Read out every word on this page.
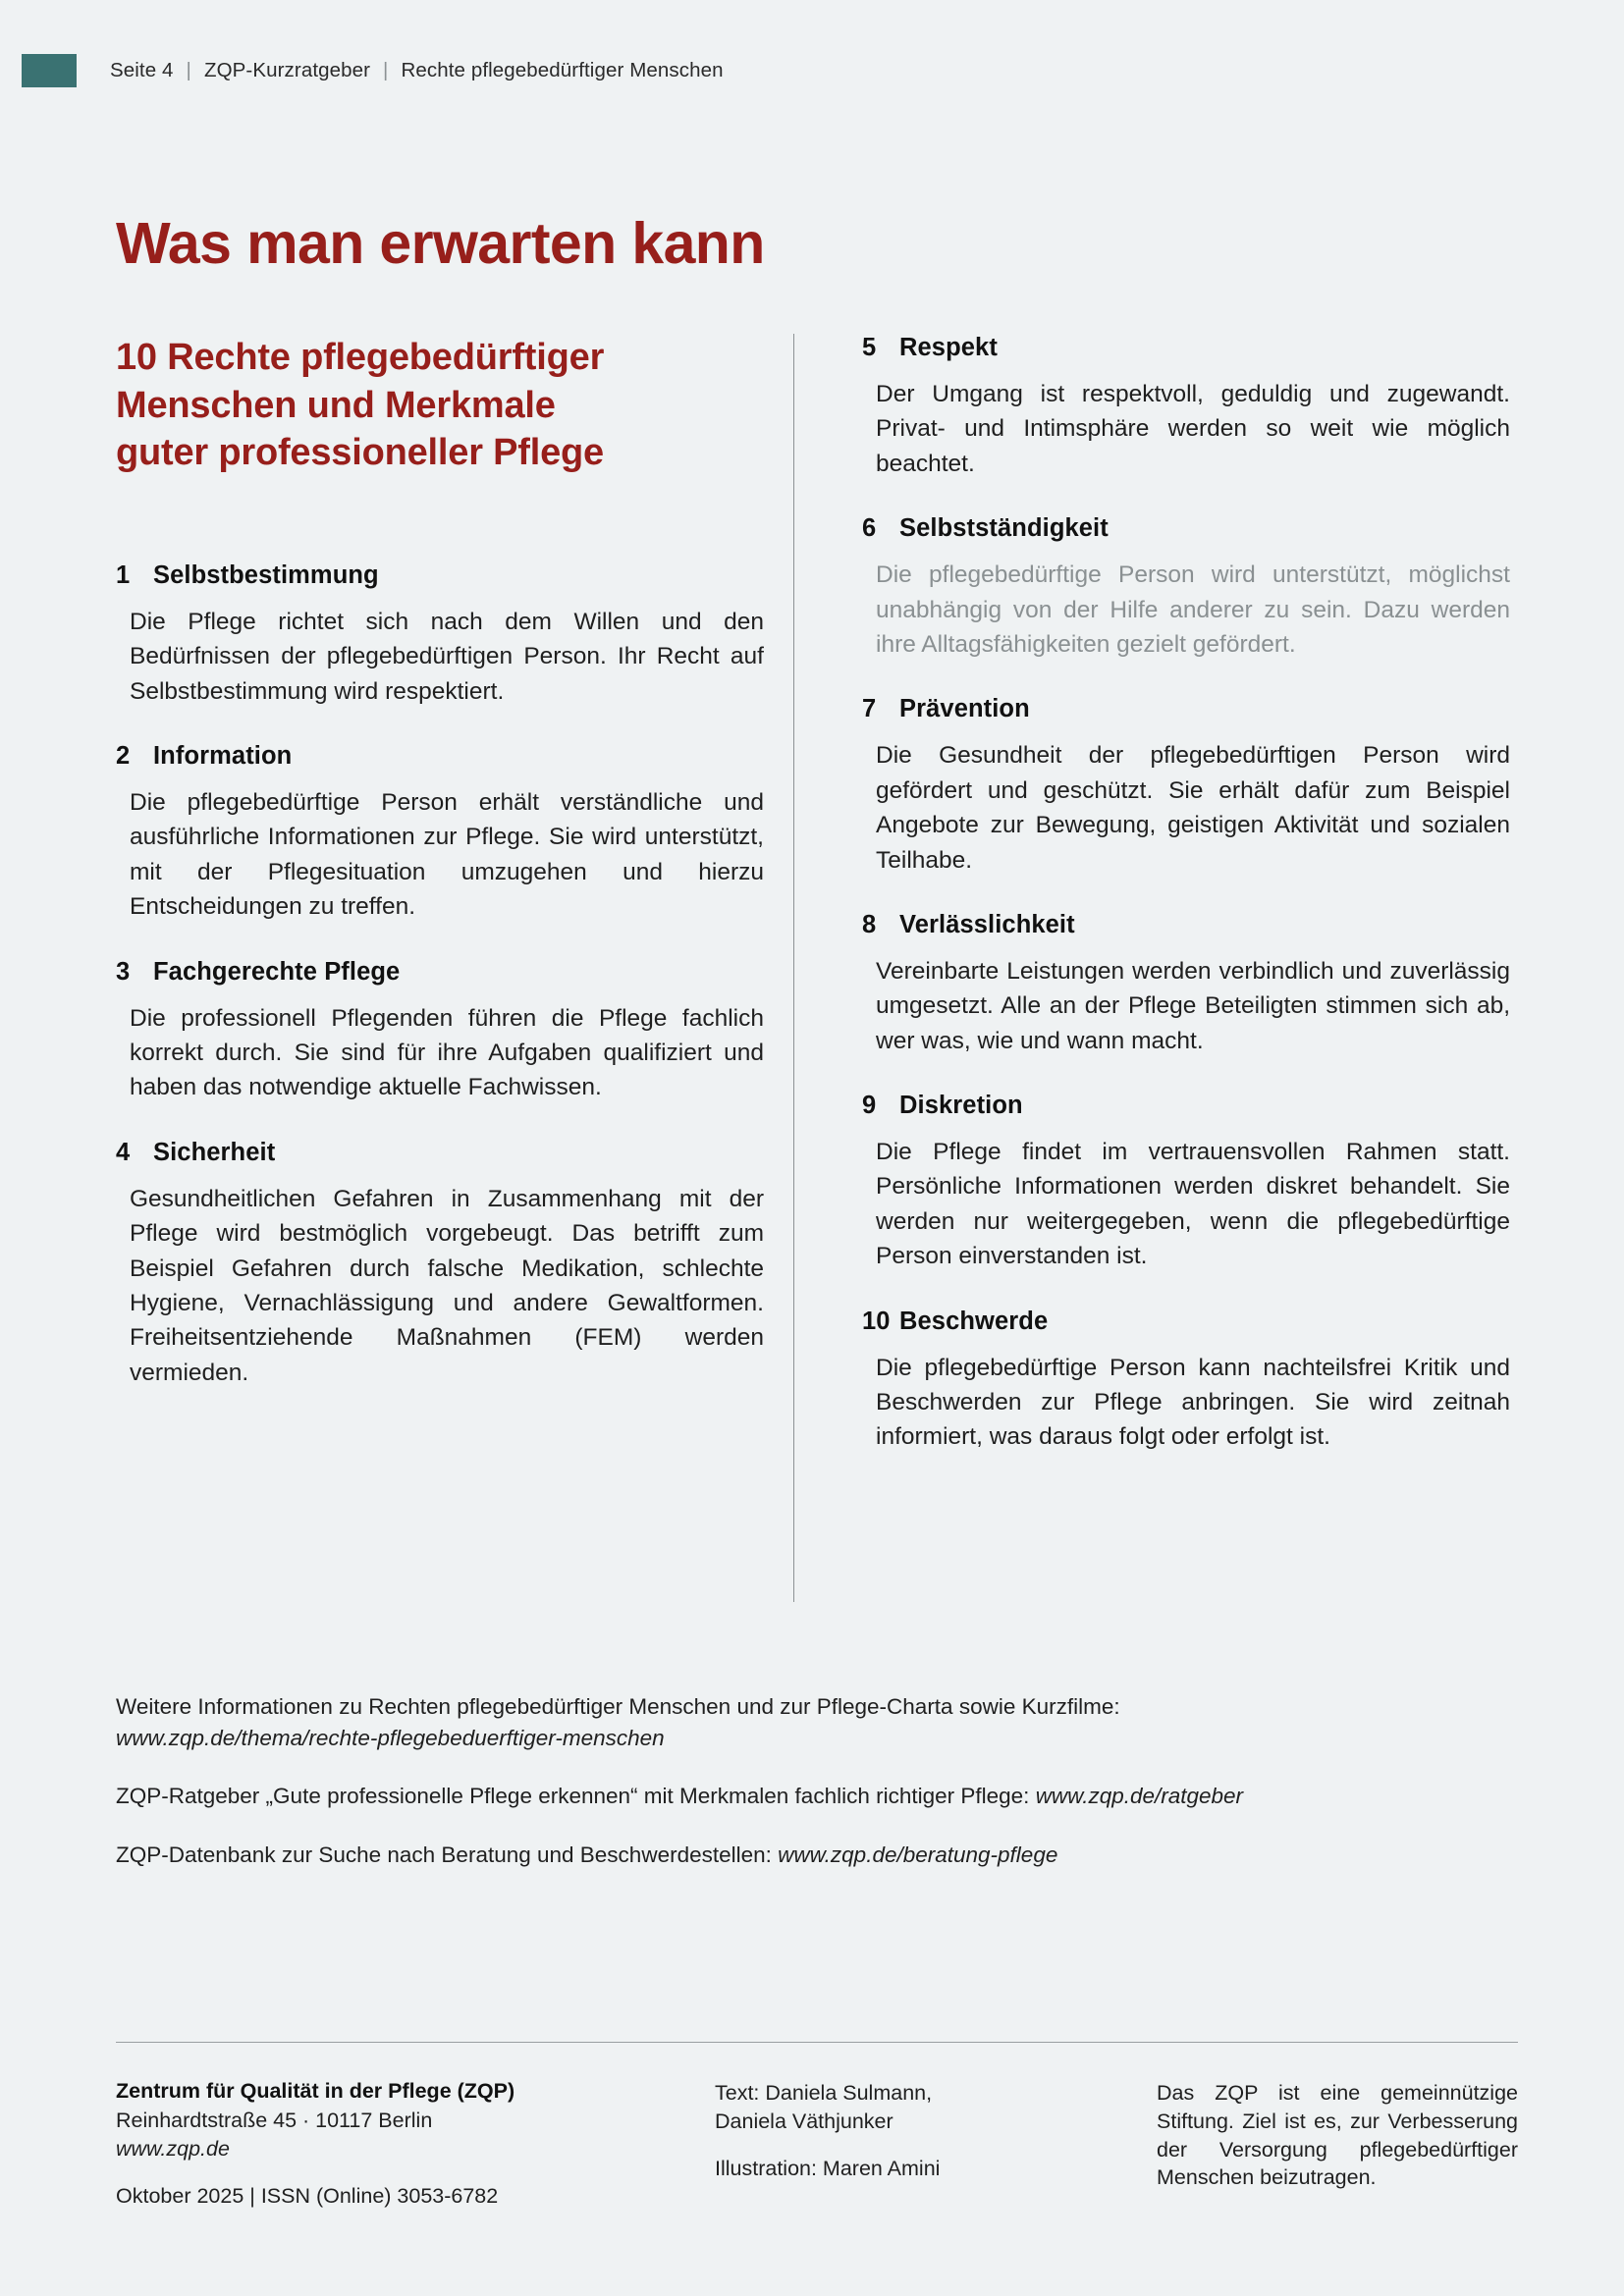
Seite 4 | ZQP-Kurzratgeber | Rechte pflegebedürftiger Menschen
Was man erwarten kann
10 Rechte pflegebedürftiger
Menschen und Merkmale
guter professioneller Pflege
1 Selbstbestimmung

Die Pflege richtet sich nach dem Willen und den Bedürfnissen der pflegebedürftigen Person. Ihr Recht auf Selbstbestimmung wird respektiert.

2 Information

Die pflegebedürftige Person erhält verständliche und ausführliche Informationen zur Pflege. Sie wird unterstützt, mit der Pflegesituation umzugehen und hierzu Entscheidungen zu treffen.

3 Fachgerechte Pflege

Die professionell Pflegenden führen die Pflege fachlich korrekt durch. Sie sind für ihre Aufgaben qualifiziert und haben das notwendige aktuelle Fachwissen.

4 Sicherheit

Gesundheitlichen Gefahren in Zusammenhang mit der Pflege wird bestmöglich vorgebeugt. Das betrifft zum Beispiel Gefahren durch falsche Medikation, schlechte Hygiene, Vernachlässigung und andere Gewaltformen. Freiheitsentziehende Maßnahmen (FEM) werden vermieden.

5 Respekt

Der Umgang ist respektvoll, geduldig und zugewandt. Privat- und Intimsphäre werden so weit wie möglich beachtet.

6 Selbstständigkeit

Die pflegebedürftige Person wird unterstützt, möglichst unabhängig von der Hilfe anderer zu sein. Dazu werden ihre Alltagsfähigkeiten gezielt gefördert.

7 Prävention

Die Gesundheit der pflegebedürftigen Person wird gefördert und geschützt. Sie erhält dafür zum Beispiel Angebote zur Bewegung, geistigen Aktivität und sozialen Teilhabe.

8 Verlässlichkeit

Vereinbarte Leistungen werden verbindlich und zuverlässig umgesetzt. Alle an der Pflege Beteiligten stimmen sich ab, wer was, wie und wann macht.

9 Diskretion

Die Pflege findet im vertrauensvollen Rahmen statt. Persönliche Informationen werden diskret behandelt. Sie werden nur weitergegeben, wenn die pflegebedürftige Person einverstanden ist.

10 Beschwerde

Die pflegebedürftige Person kann nachteilsfrei Kritik und Beschwerden zur Pflege anbringen. Sie wird zeitnah informiert, was daraus folgt oder erfolgt ist.

Weitere Informationen zu Rechten pflegebedürftiger Menschen und zur Pflege-Charta sowie Kurzfilme:
www.zqp.de/thema/rechte-pflegebeduerftiger-menschen

ZQP-Ratgeber „Gute professionelle Pflege erkennen“ mit Merkmalen fachlich richtiger Pflege: www.zqp.de/ratgeber

ZQP-Datenbank zur Suche nach Beratung und Beschwerdestellen: www.zqp.de/beratung-pflege

Zentrum für Qualität in der Pflege (ZQP)
Reinhardtstraße 45 · 10117 Berlin
www.zqp.de
Oktober 2025 | ISSN (Online) 3053-6782
Text: Daniela Sulmann,
Daniela Väthjunker
Illustration: Maren Amini
Das ZQP ist eine gemeinnützige Stiftung. Ziel ist es, zur Verbesserung der Versorgung pflegebedürftiger Menschen beizutragen.
